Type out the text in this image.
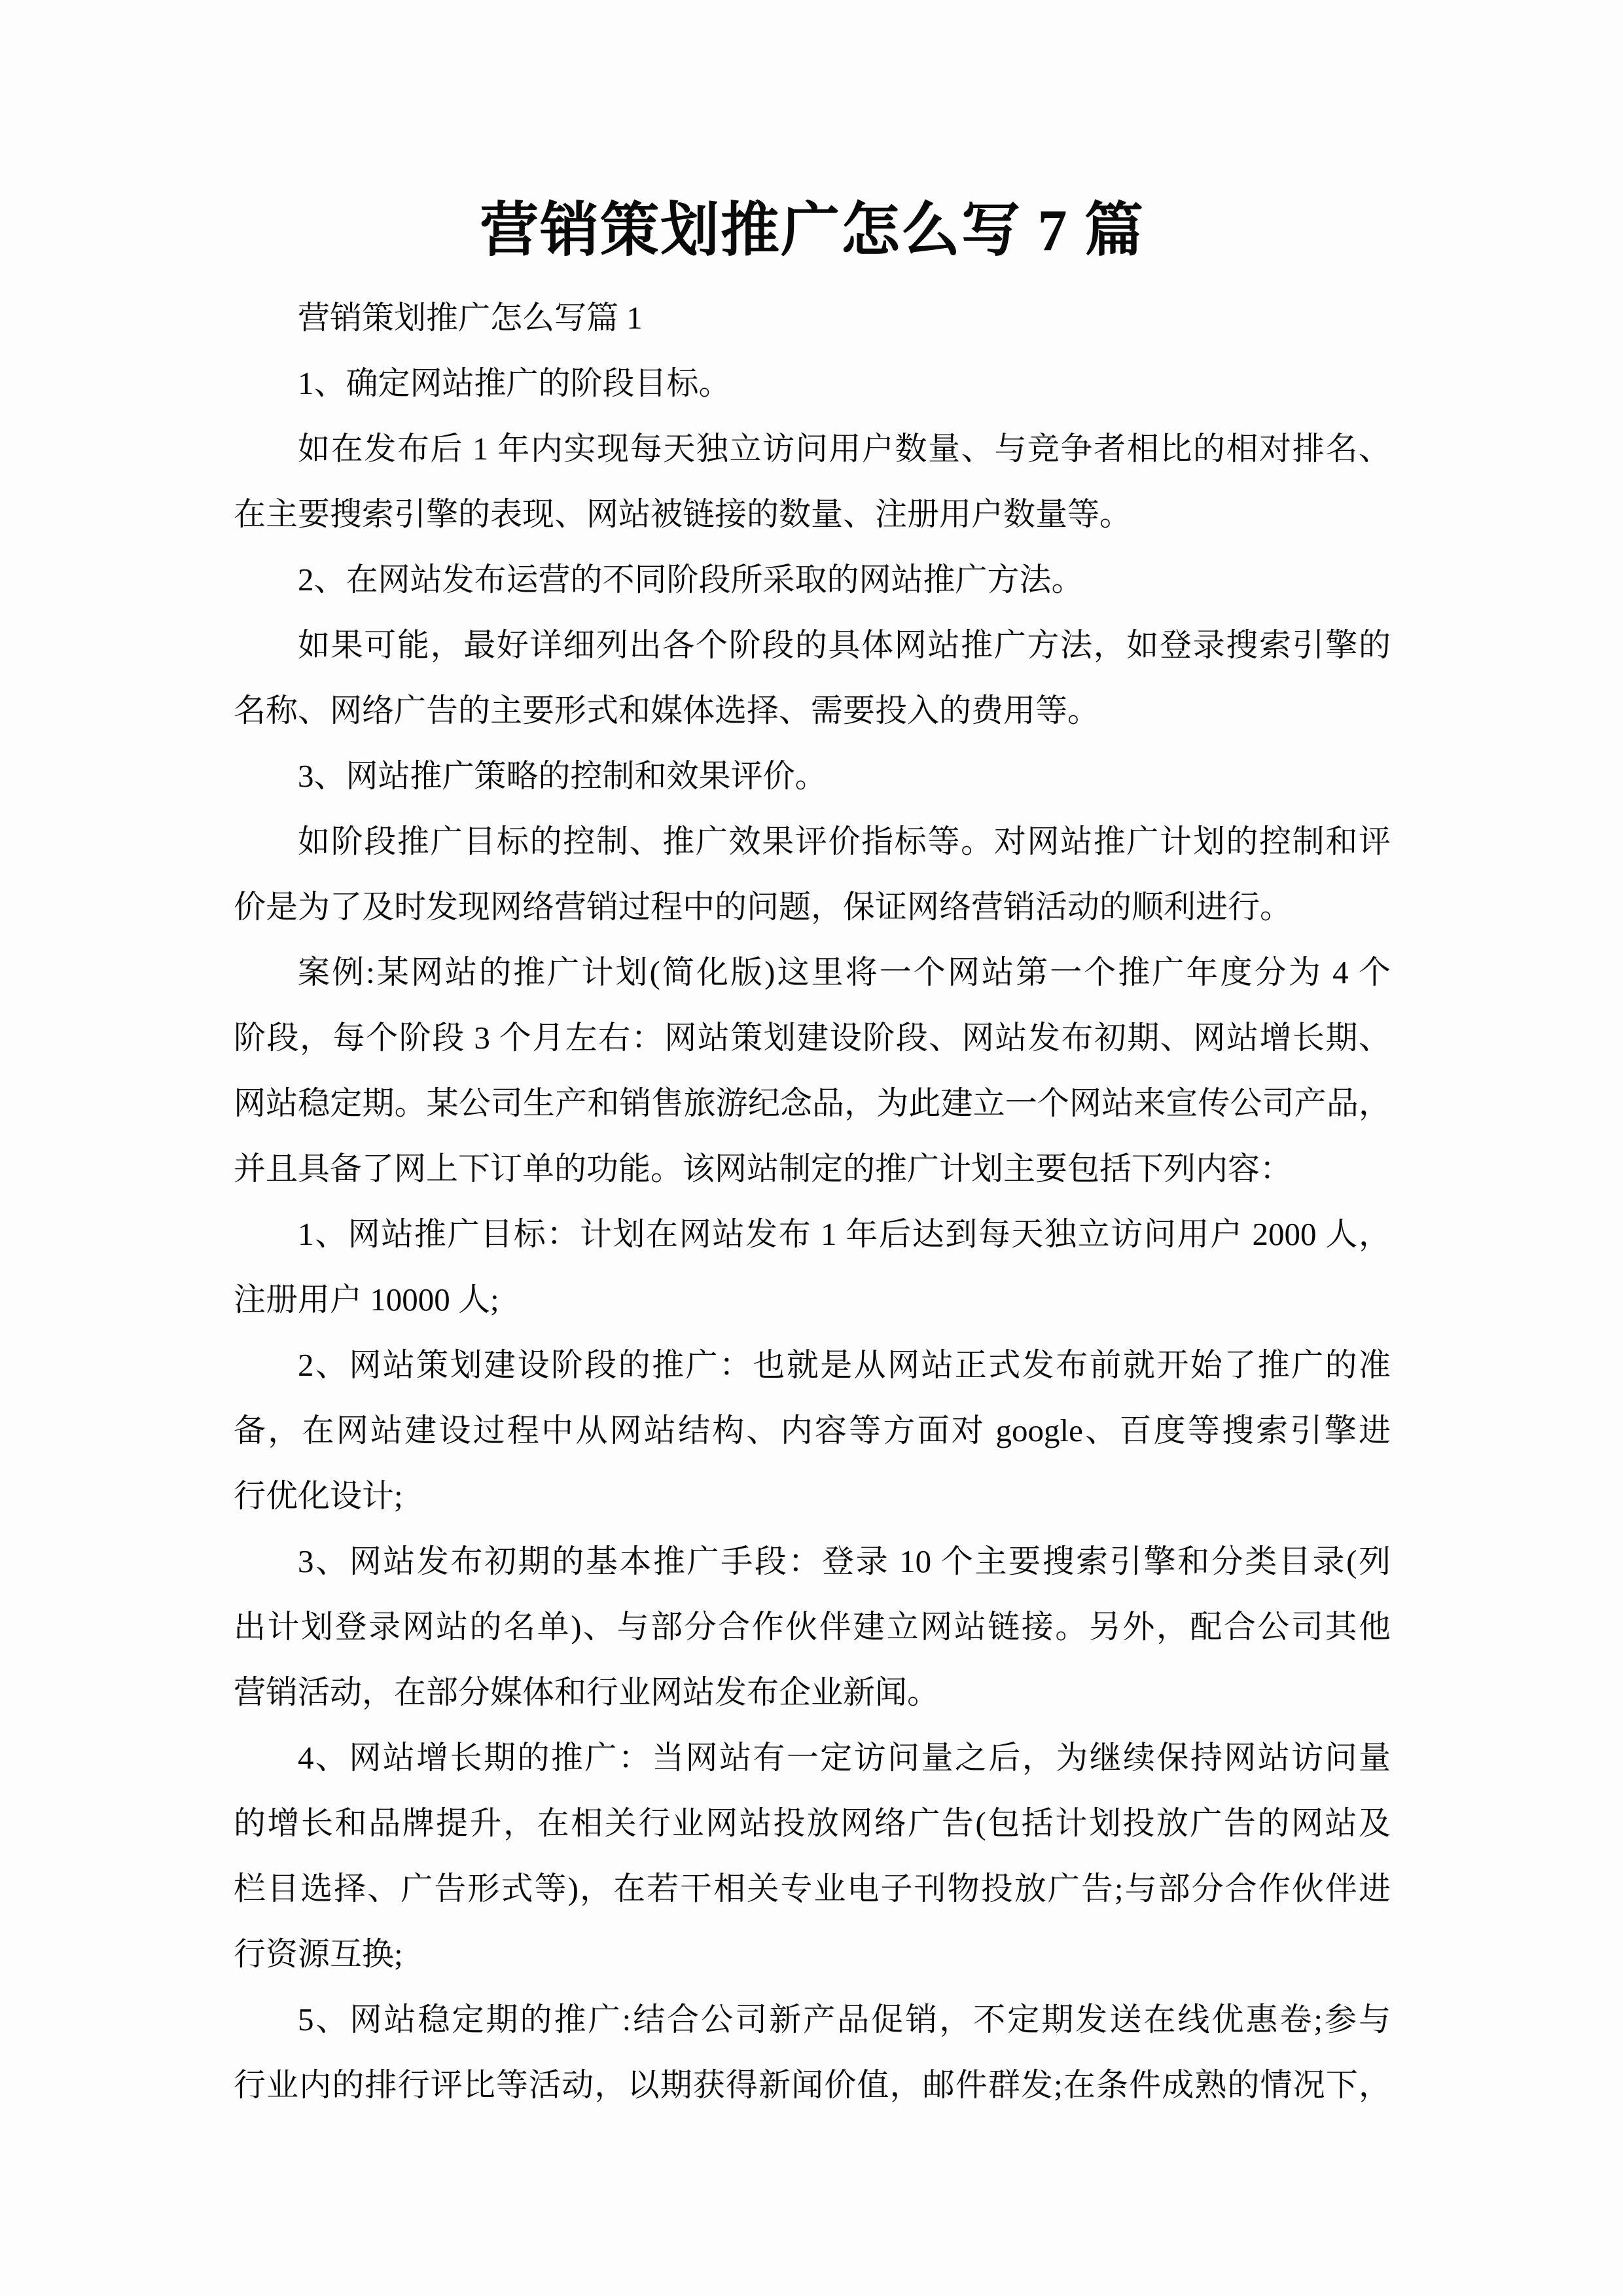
营销策划推广怎么写 7 篇
营销策划推广怎么写篇 1
1、确定网站推广的阶段目标。
如在发布后 1 年内实现每天独立访问用户数量、与竞争者相比的相对排名、
在主要搜索引擎的表现、网站被链接的数量、注册用户数量等。
2、在网站发布运营的不同阶段所采取的网站推广方法。
如果可能，最好详细列出各个阶段的具体网站推广方法，如登录搜索引擎的
名称、网络广告的主要形式和媒体选择、需要投入的费用等。
3、网站推广策略的控制和效果评价。
如阶段推广目标的控制、推广效果评价指标等。对网站推广计划的控制和评
价是为了及时发现网络营销过程中的问题，保证网络营销活动的顺利进行。
案例:某网站的推广计划(简化版)这里将一个网站第一个推广年度分为 4 个
阶段，每个阶段 3 个月左右：网站策划建设阶段、网站发布初期、网站增长期、
网站稳定期。某公司生产和销售旅游纪念品，为此建立一个网站来宣传公司产品，
并且具备了网上下订单的功能。该网站制定的推广计划主要包括下列内容：
1、网站推广目标：计划在网站发布 1 年后达到每天独立访问用户 2000 人，
注册用户 10000 人;
2、网站策划建设阶段的推广：也就是从网站正式发布前就开始了推广的准
备，在网站建设过程中从网站结构、内容等方面对 google、百度等搜索引擎进
行优化设计;
3、网站发布初期的基本推广手段：登录 10 个主要搜索引擎和分类目录(列
出计划登录网站的名单)、与部分合作伙伴建立网站链接。另外，配合公司其他
营销活动，在部分媒体和行业网站发布企业新闻。
4、网站增长期的推广：当网站有一定访问量之后，为继续保持网站访问量
的增长和品牌提升，在相关行业网站投放网络广告(包括计划投放广告的网站及
栏目选择、广告形式等)，在若干相关专业电子刊物投放广告;与部分合作伙伴进
行资源互换;
5、网站稳定期的推广:结合公司新产品促销，不定期发送在线优惠卷;参与
行业内的排行评比等活动，以期获得新闻价值，邮件群发;在条件成熟的情况下，
